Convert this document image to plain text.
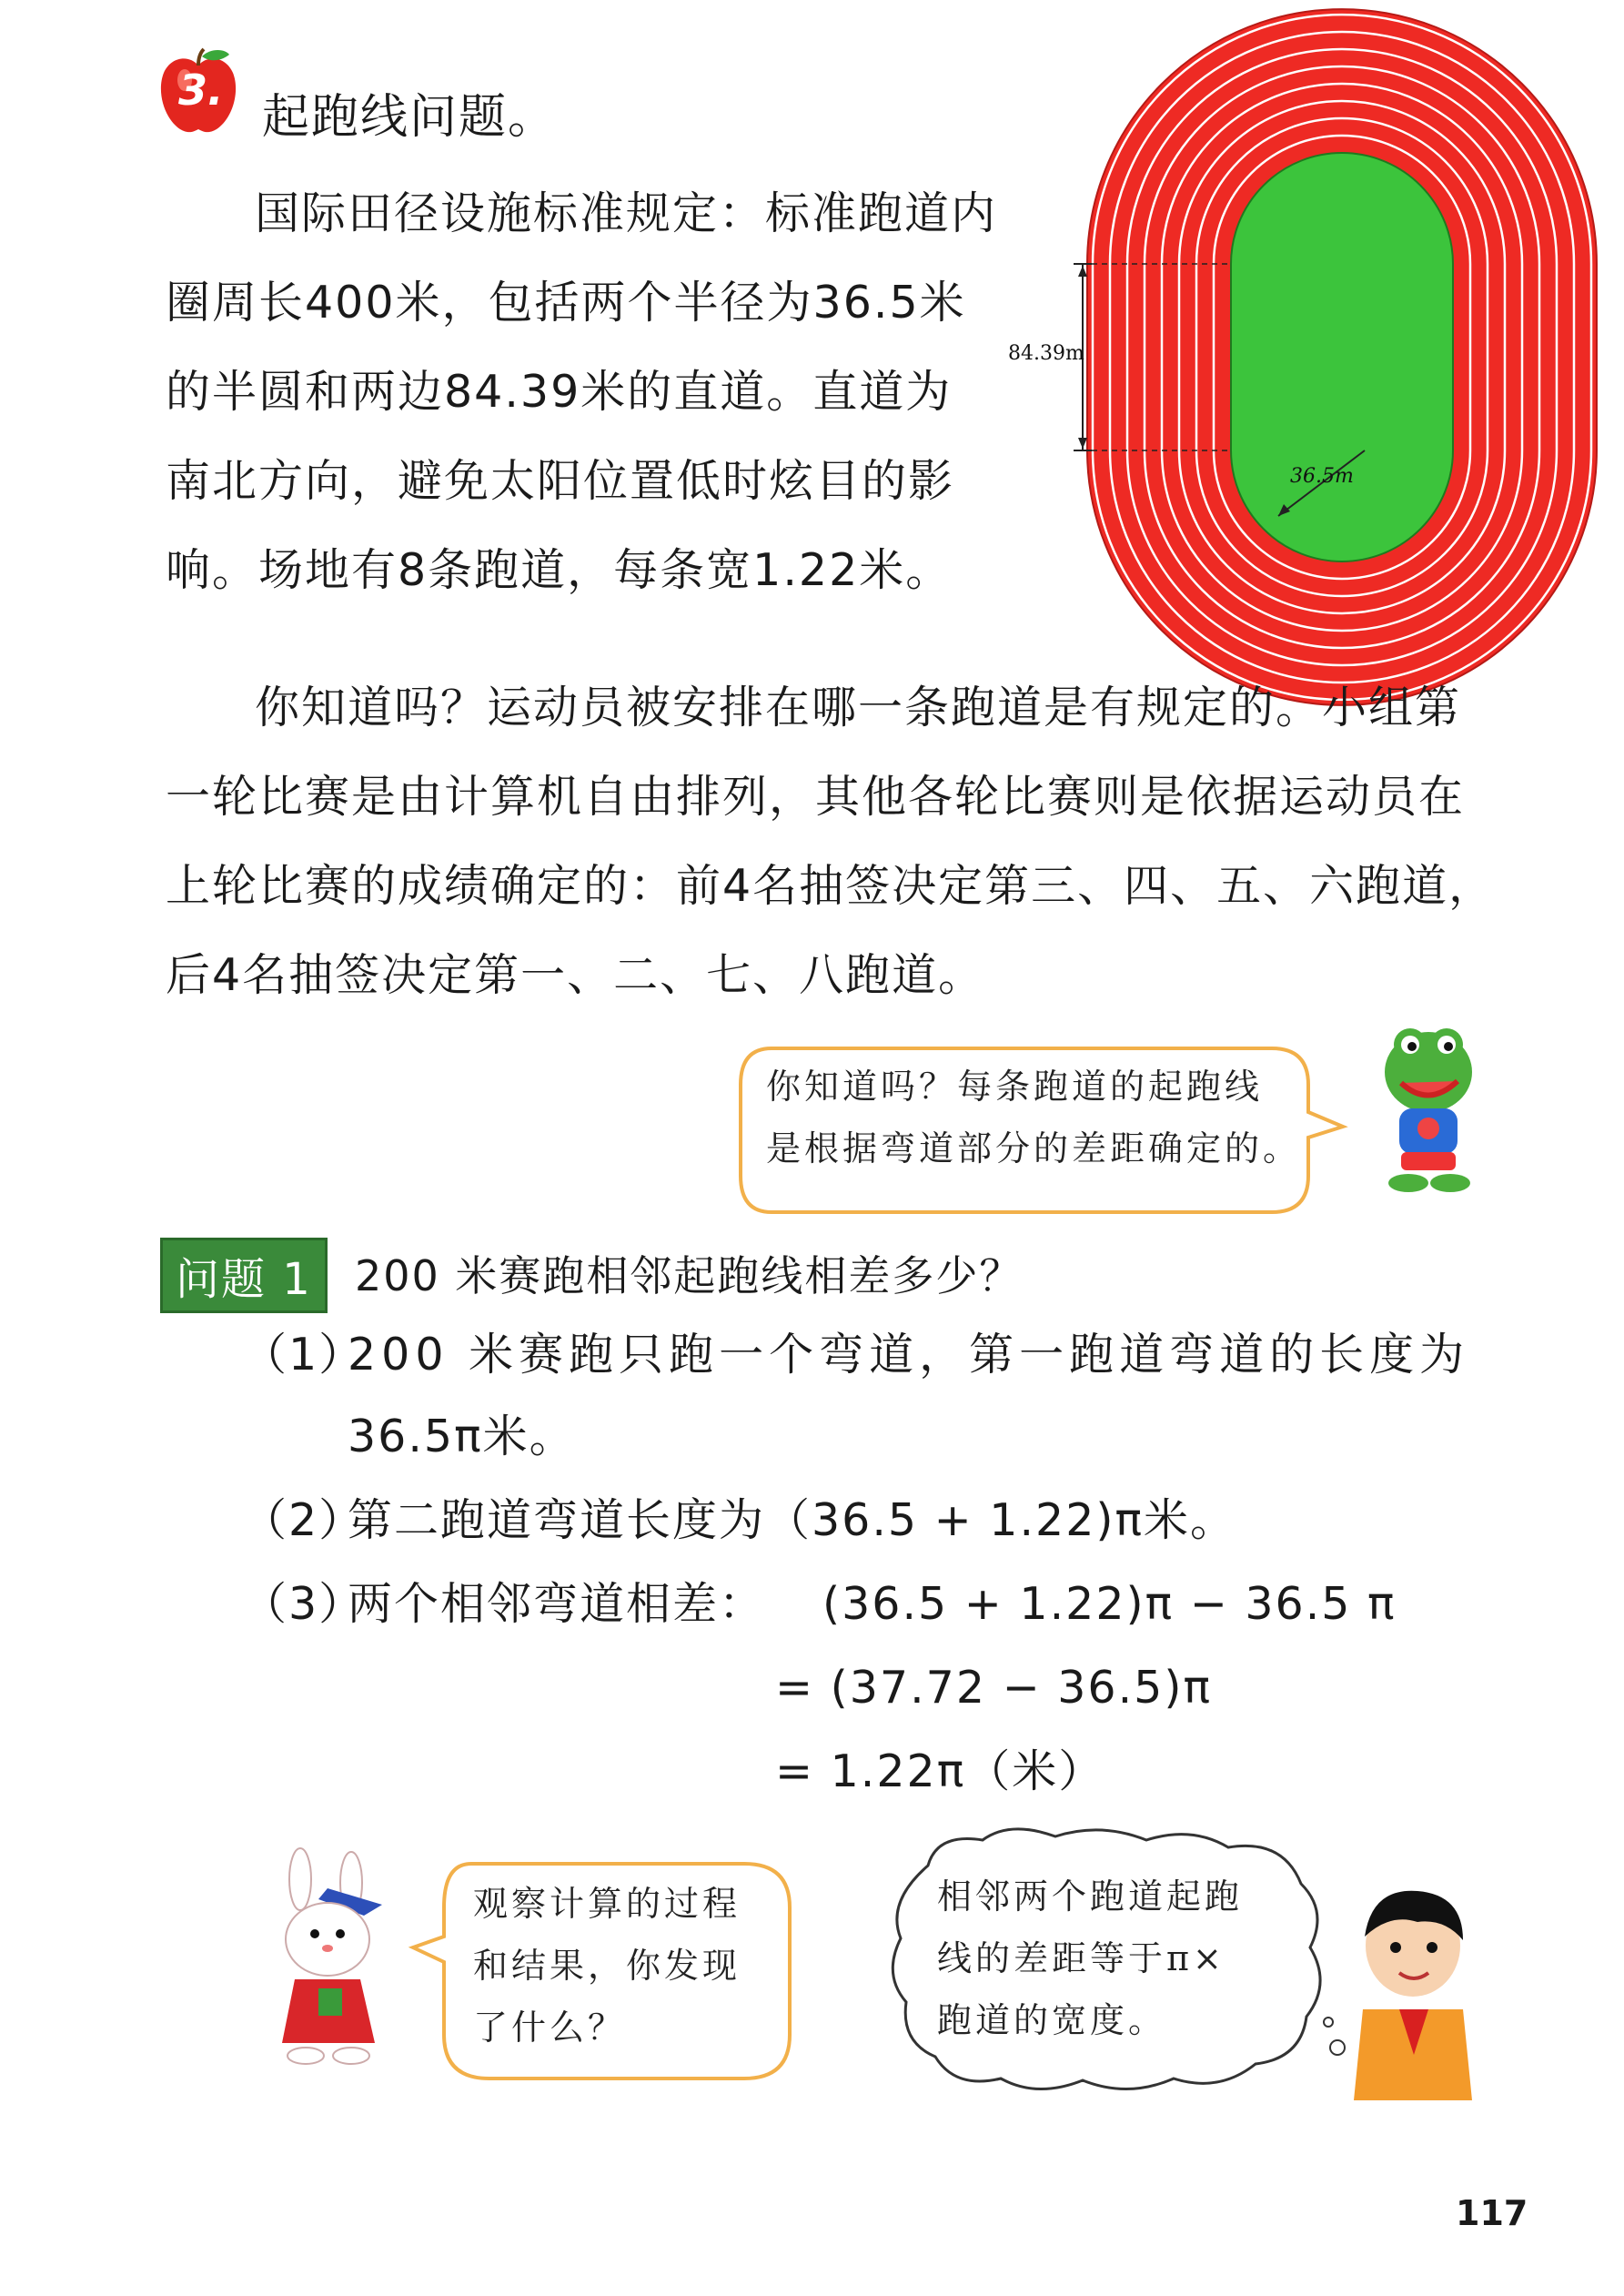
3. 起跑线问题。
国际田径设施标准规定：标准跑道内
圈周长400米，包括两个半径为36.5米
的半圆和两边84.39米的直道。直道为
南北方向，避免太阳位置低时炫目的影
响。场地有8条跑道，每条宽1.22米。
84.39m
36.5m
你知道吗？运动员被安排在哪一条跑道是有规定的。小组第
一轮比赛是由计算机自由排列，其他各轮比赛则是依据运动员在
上轮比赛的成绩确定的：前4名抽签决定第三、四、五、六跑道，
后4名抽签决定第一、二、七、八跑道。
你知道吗？每条跑道的起跑线
是根据弯道部分的差距确定的。
问题 1	200 米赛跑相邻起跑线相差多少？
（1）200 米赛跑只跑一个弯道，第一跑道弯道的长度为
36.5π米。
（2）第二跑道弯道长度为（36.5 + 1.22)π米。
（3）两个相邻弯道相差： (36.5 + 1.22)π − 36.5 π
= (37.72 − 36.5)π
= 1.22π（米）
观察计算的过程
和结果，你发现
了什么？
相邻两个跑道起跑
线的差距等于π×
跑道的宽度。
117
